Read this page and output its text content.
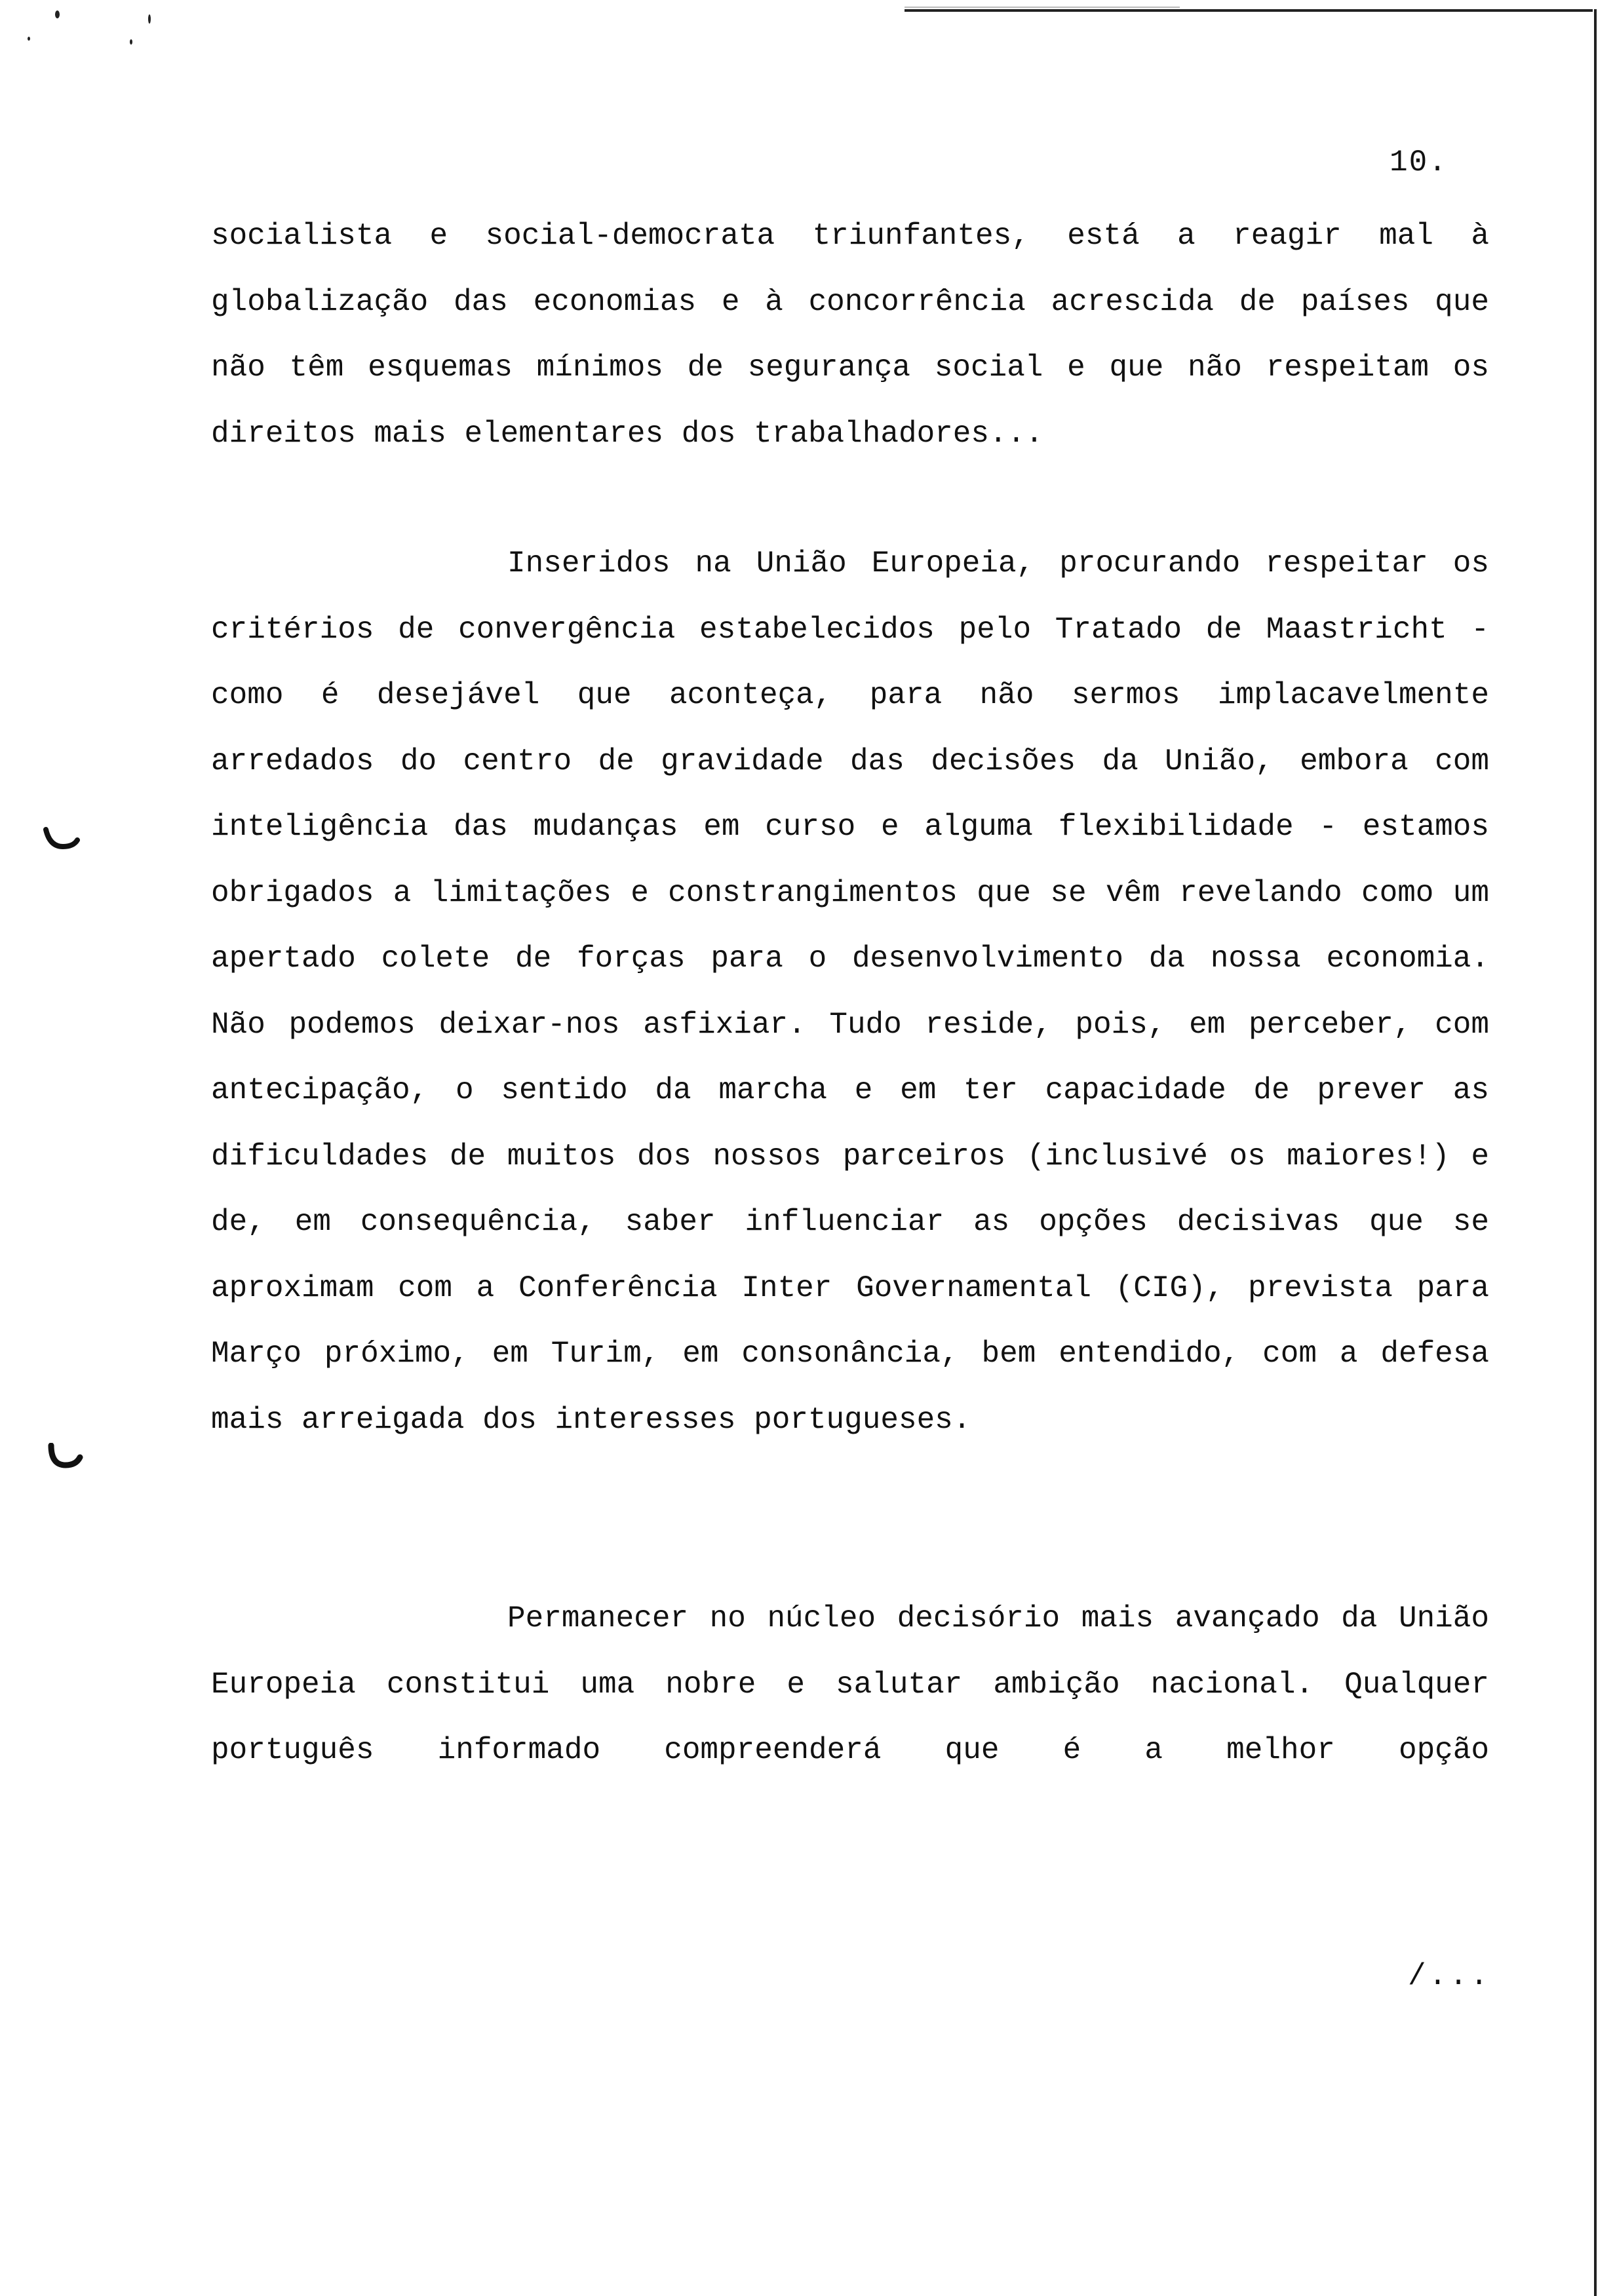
10.
socialista e social-democrata triunfantes, está a reagir mal à globalização das economias e à concorrência acrescida de países que não têm esquemas mínimos de segurança social e que não respeitam os direitos mais elementares dos trabalhadores...
Inseridos na União Europeia, procurando respeitar os critérios de convergência estabelecidos pelo Tratado de Maastricht - como é desejável que aconteça, para não sermos implacavelmente arredados do centro de gravidade das decisões da União, embora com inteligência das mudanças em curso e alguma flexibilidade - estamos obrigados a limitações e constrangimentos que se vêm revelando como um apertado colete de forças para o desenvolvimento da nossa economia. Não podemos deixar-nos asfixiar. Tudo reside, pois, em perceber, com antecipação, o sentido da marcha e em ter capacidade de prever as dificuldades de muitos dos nossos parceiros (inclusivé os maiores!) e de, em consequência, saber influenciar as opções decisivas que se aproximam com a Conferência Inter Governamental (CIG), prevista para Março próximo, em Turim, em consonância, bem entendido, com a defesa mais arreigada dos interesses portugueses.
Permanecer no núcleo decisório mais avançado da União Europeia constitui uma nobre e salutar ambição nacional. Qualquer português informado compreenderá que é a melhor opção
/...
